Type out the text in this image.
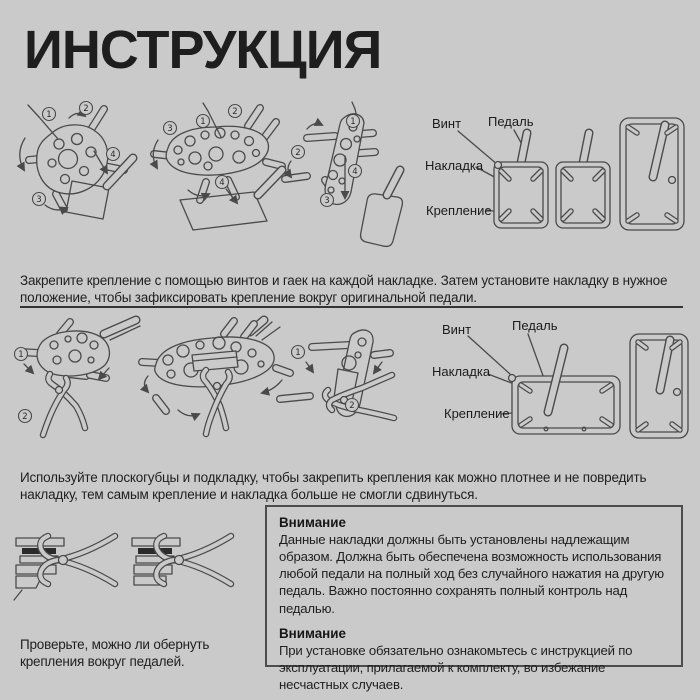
ИНСТРУКЦИЯ
1
2
3
4
3
1
2
4
1
2
3
4
Винт Педаль
Накладка
Крепление

Закрепите крепление с помощью винтов и гаек на каждой накладке. Затем установите накладку в нужное положение, чтобы зафиксировать крепление вокруг оригинальной педали.

1
2
1
2
Винт	Педаль
Накладка
Крепление

Используйте плоскогубцы и подкладку, чтобы закрепить крепления как можно плотнее и не повредить накладку, тем самым крепление и накладка больше не смогли сдвинуться.

Проверьте, можно ли обернуть крепления вокруг педалей.

Внимание

Данные накладки должны быть установлены надлежащим образом. Должна быть обеспечена возможность использования любой педали на полный ход без случайного нажатия на другую педаль. Важно постоянно сохранять полный контроль над педалью.

Внимание

При установке обязательно ознакомьтесь с инструкцией по эксплуатации, прилагаемой к комплекту, во избежание несчастных случаев.
